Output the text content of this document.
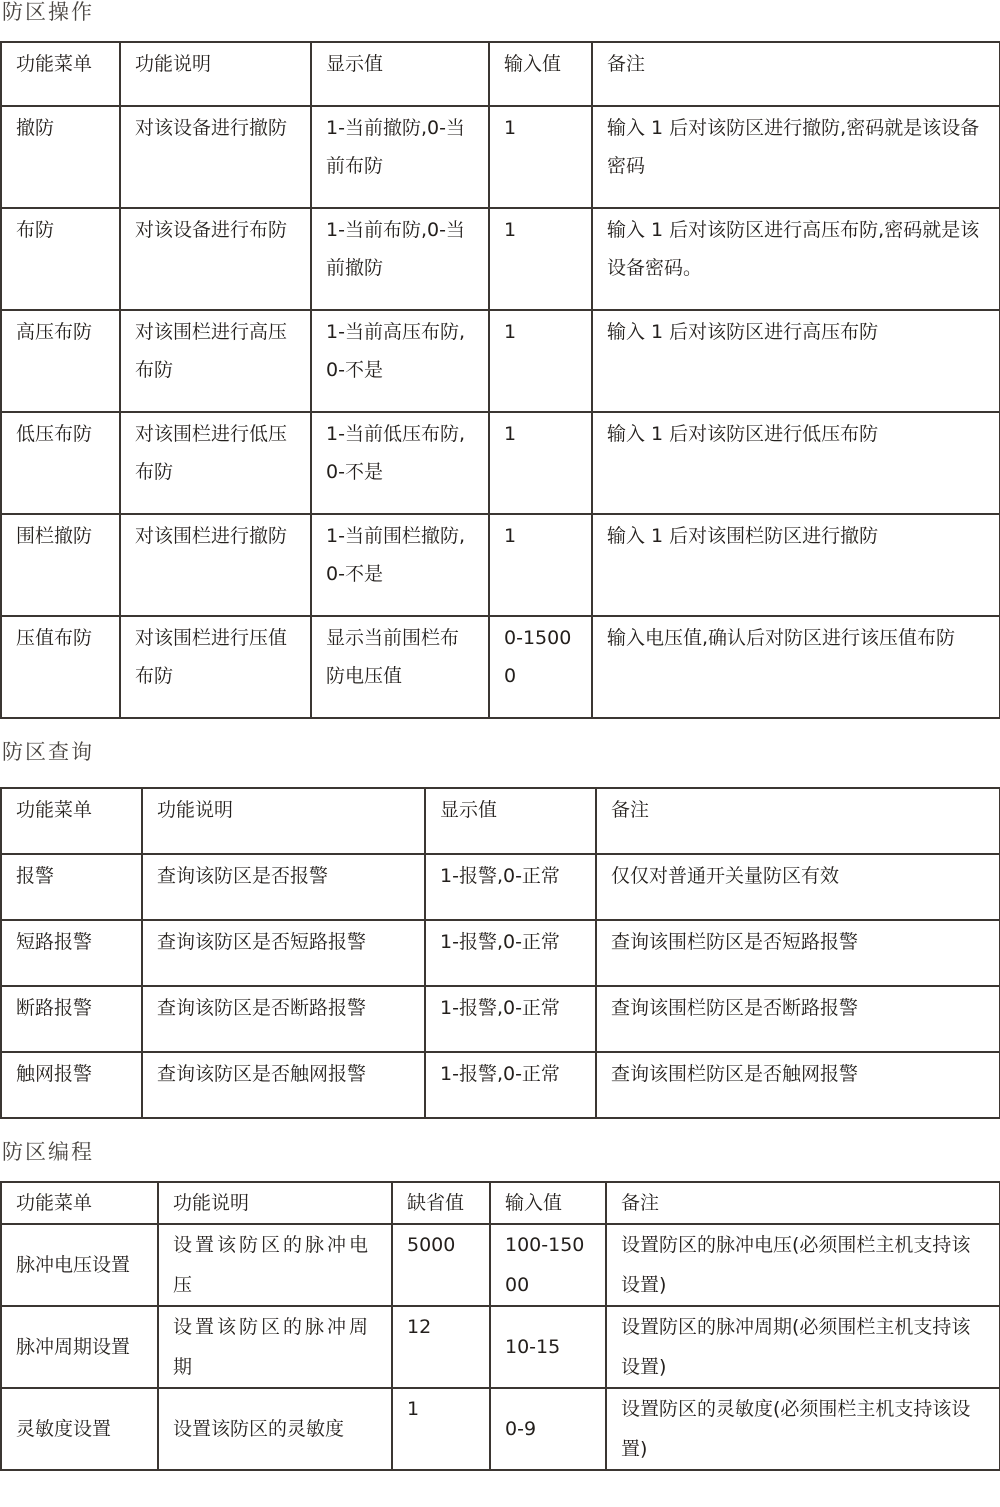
防区操作
功能菜单	功能说明	显示值	输入值	备注
撤防	对该设备进行撤防	1-当前撤防,0-当前布防	1	输入 1 后对该防区进行撤防,密码就是该设备密码
布防	对该设备进行布防	1-当前布防,0-当前撤防	1	输入 1 后对该防区进行高压布防,密码就是该设备密码。
高压布防	对该围栏进行高压布防	1-当前高压布防,0-不是	1	输入 1 后对该防区进行高压布防
低压布防	对该围栏进行低压布防	1-当前低压布防,0-不是	1	输入 1 后对该防区进行低压布防
围栏撤防	对该围栏进行撤防	1-当前围栏撤防,0-不是	1	输入 1 后对该围栏防区进行撤防
压值布防	对该围栏进行压值布防	显示当前围栏布防电压值	0-15000	输入电压值,确认后对防区进行该压值布防
防区查询
功能菜单	功能说明	显示值	备注
报警	查询该防区是否报警	1-报警,0-正常	仅仅对普通开关量防区有效
短路报警	查询该防区是否短路报警	1-报警,0-正常	查询该围栏防区是否短路报警
断路报警	查询该防区是否断路报警	1-报警,0-正常	查询该围栏防区是否断路报警
触网报警	查询该防区是否触网报警	1-报警,0-正常	查询该围栏防区是否触网报警
防区编程
功能菜单	功能说明	缺省值	输入值	备注
脉冲电压设置	设置该防区的脉冲电压	5000	100-15000	设置防区的脉冲电压(必须围栏主机支持该设置)
脉冲周期设置	设置该防区的脉冲周期	12	10-15	设置防区的脉冲周期(必须围栏主机支持该设置)
灵敏度设置	设置该防区的灵敏度	1	0-9	设置防区的灵敏度(必须围栏主机支持该设置)
